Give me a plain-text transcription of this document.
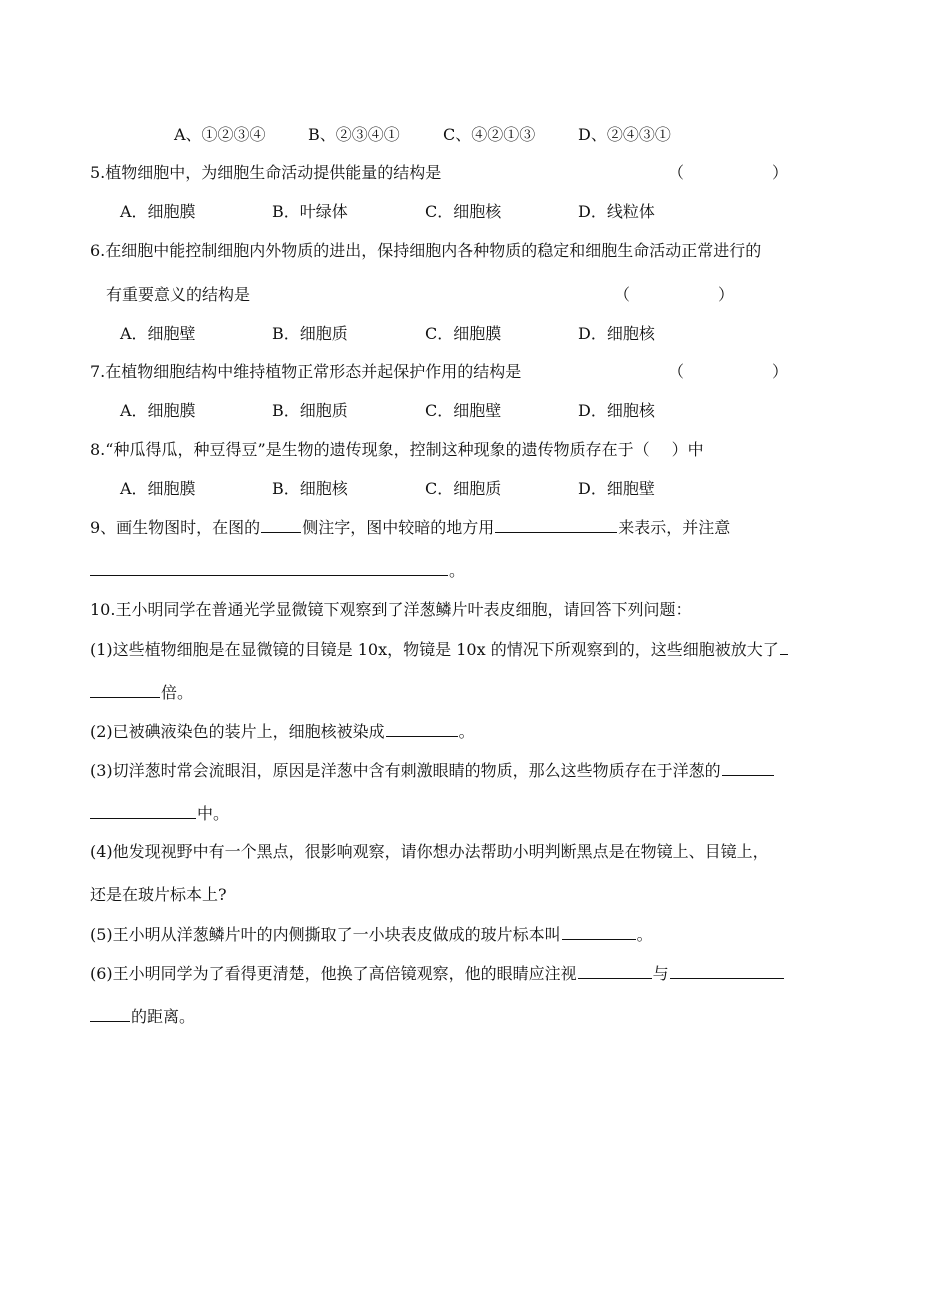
A、①②③④	B、②③④①	C、④②①③	D、②④③①
5.植物细胞中，为细胞生命活动提供能量的结构是	（	）
A．细胞膜	B．叶绿体	C．细胞核	D．线粒体
6.在细胞中能控制细胞内外物质的进出，保持细胞内各种物质的稳定和细胞生命活动正常进行的
有重要意义的结构是	（	）
A．细胞壁	B．细胞质	C．细胞膜	D．细胞核
7.在植物细胞结构中维持植物正常形态并起保护作用的结构是	（	）
A．细胞膜	B．细胞质	C．细胞壁	D．细胞核
8.“种瓜得瓜，种豆得豆”是生物的遗传现象，控制这种现象的遗传物质存在于（ ）中
A．细胞膜	B．细胞核	C．细胞质	D．细胞壁
9、画生物图时，在图的	侧注字，图中较暗的地方用	来表示，并注意
。
10.王小明同学在普通光学显微镜下观察到了洋葱鳞片叶表皮细胞，请回答下列问题：
(1)这些植物细胞是在显微镜的目镜是 10x，物镜是 10x 的情况下所观察到的，这些细胞被放大了
倍。
(2)已被碘液染色的装片上，细胞核被染成	。
(3)切洋葱时常会流眼泪，原因是洋葱中含有刺激眼睛的物质，那么这些物质存在于洋葱的
中。
(4)他发现视野中有一个黑点，很影响观察，请你想办法帮助小明判断黑点是在物镜上、目镜上，
还是在玻片标本上?
(5)王小明从洋葱鳞片叶的内侧撕取了一小块表皮做成的玻片标本叫	。
(6)王小明同学为了看得更清楚，他换了高倍镜观察，他的眼睛应注视	与
的距离。
